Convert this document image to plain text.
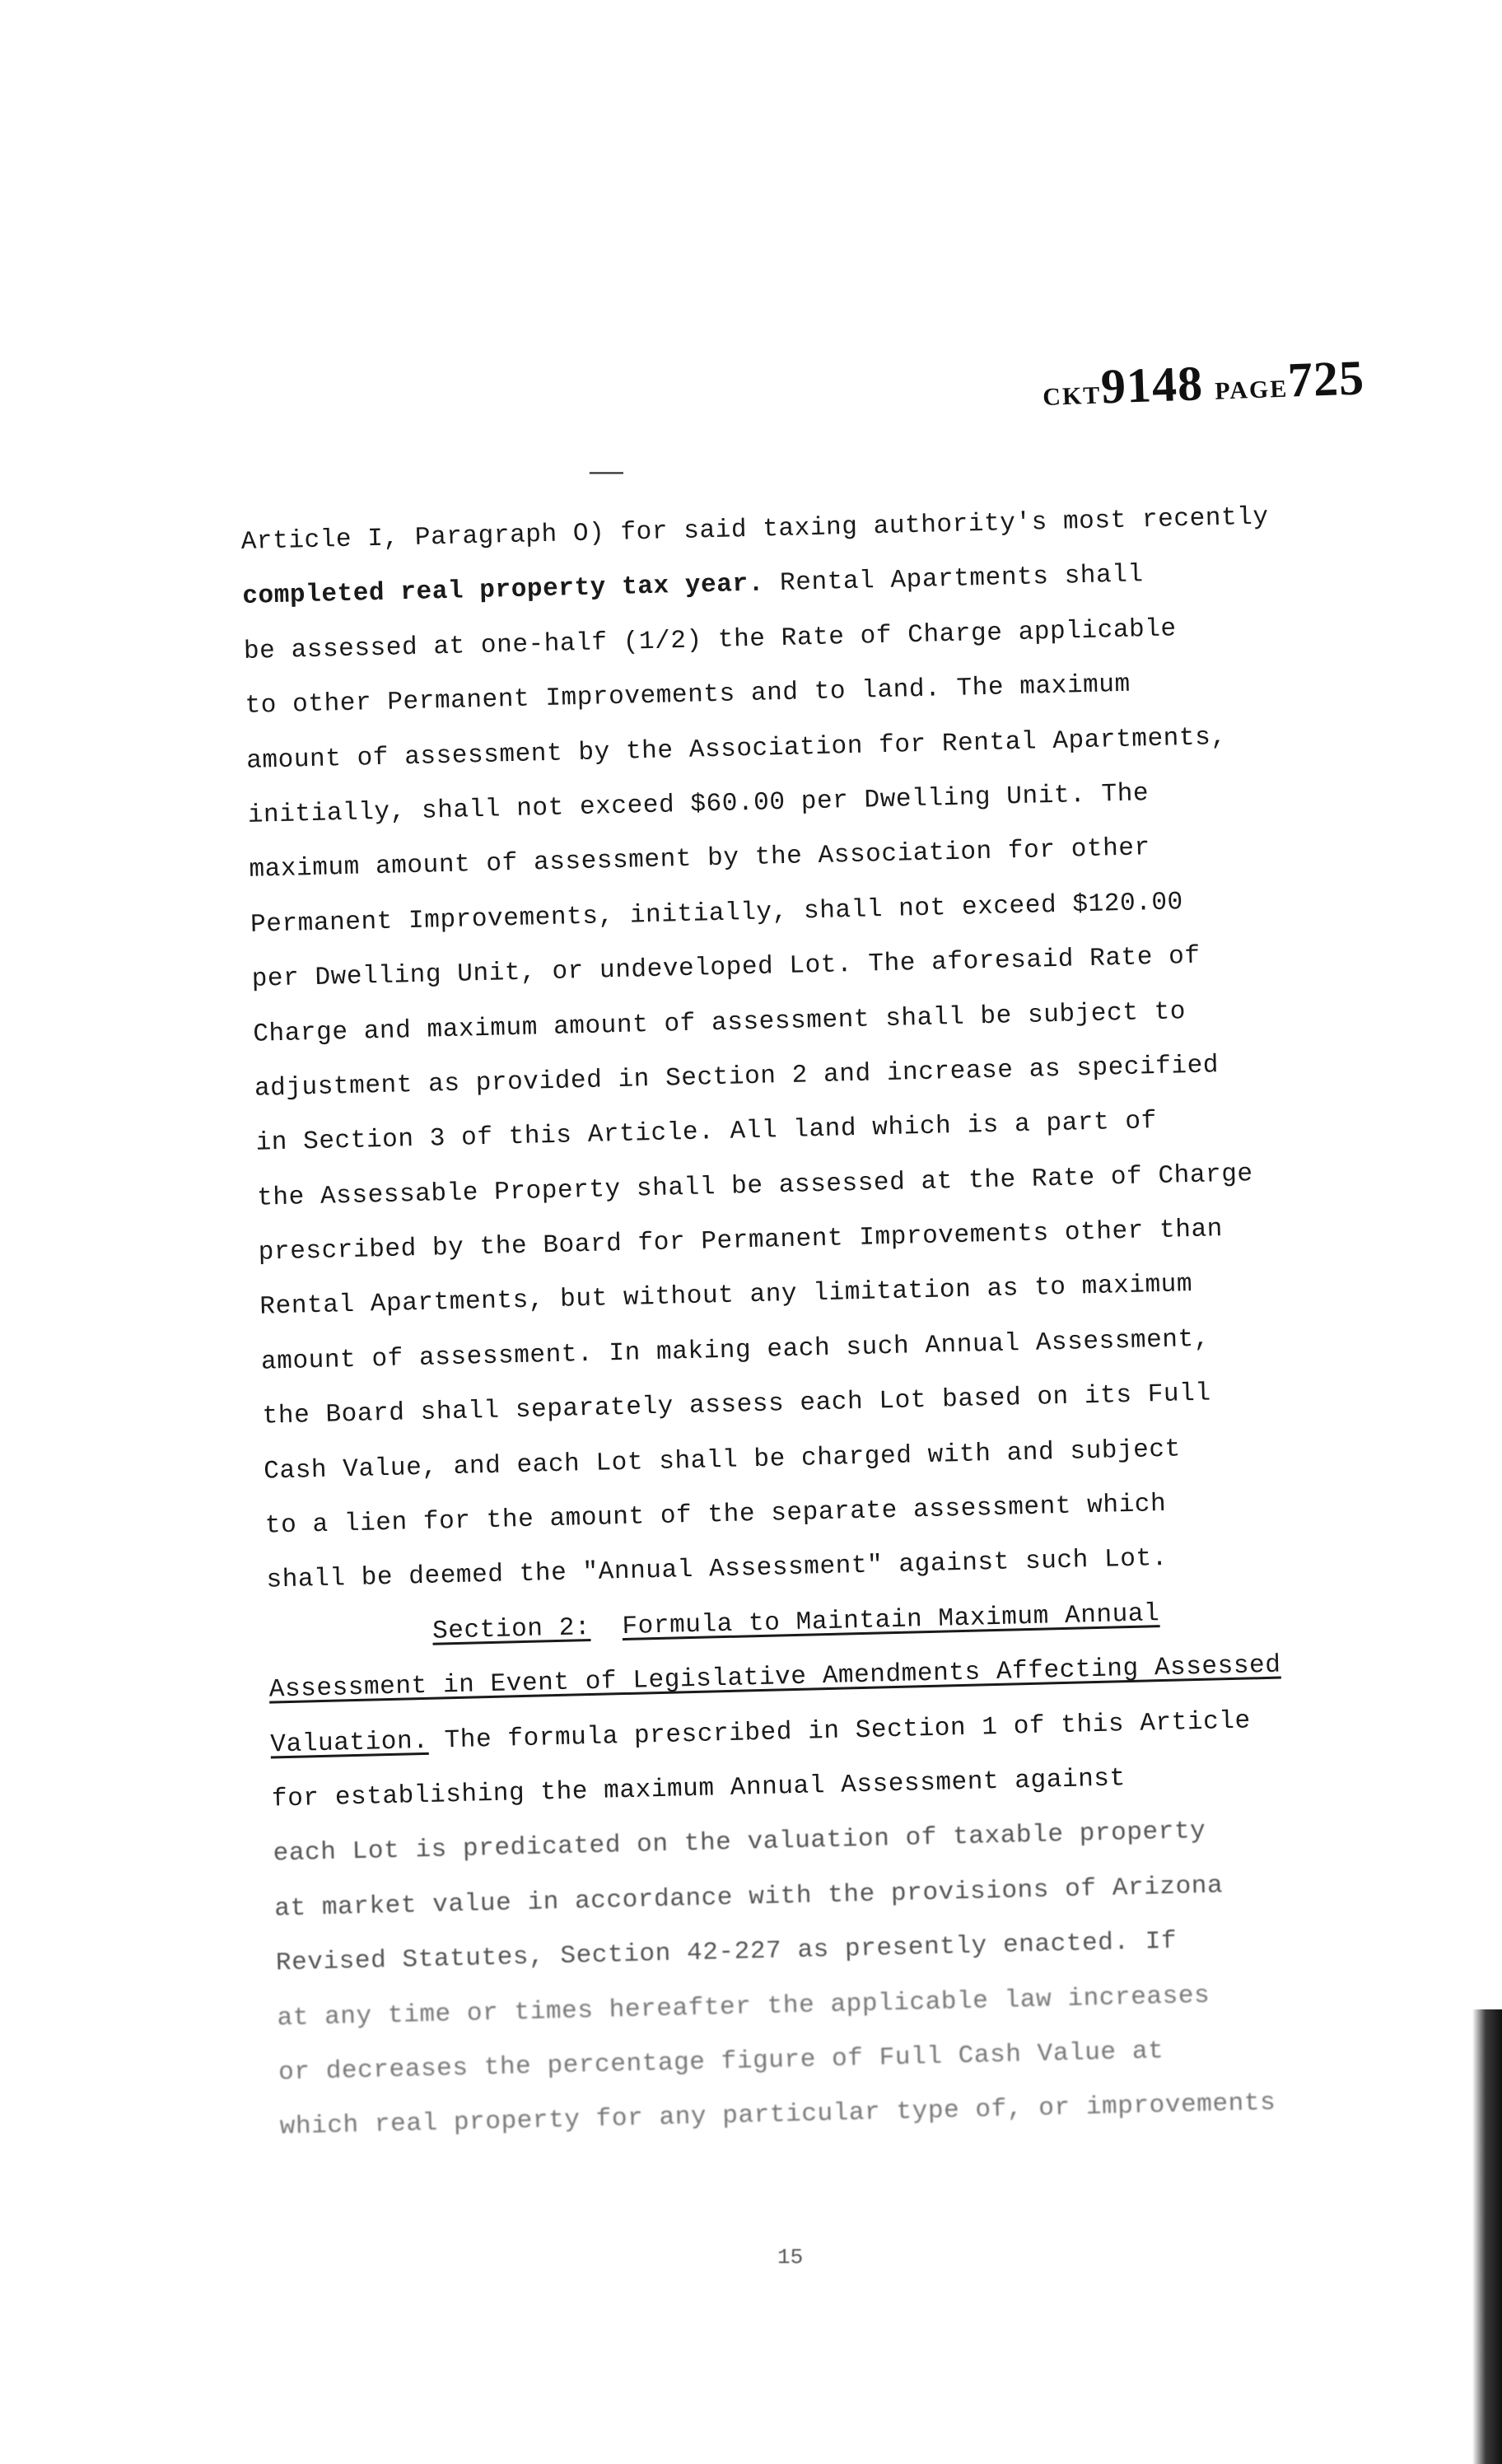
CKT9148 PAGE725
——
Article I, Paragraph O) for said taxing authority's most recently
completed real property tax year. Rental Apartments shall
be assessed at one-half (1/2) the Rate of Charge applicable
to other Permanent Improvements and to land. The maximum
amount of assessment by the Association for Rental Apartments,
initially, shall not exceed $60.00 per Dwelling Unit. The
maximum amount of assessment by the Association for other
Permanent Improvements, initially, shall not exceed $120.00
per Dwelling Unit, or undeveloped Lot. The aforesaid Rate of
Charge and maximum amount of assessment shall be subject to
adjustment as provided in Section 2 and increase as specified
in Section 3 of this Article. All land which is a part of
the Assessable Property shall be assessed at the Rate of Charge
prescribed by the Board for Permanent Improvements other than
Rental Apartments, but without any limitation as to maximum
amount of assessment. In making each such Annual Assessment,
the Board shall separately assess each Lot based on its Full
Cash Value, and each Lot shall be charged with and subject
to a lien for the amount of the separate assessment which
shall be deemed the "Annual Assessment" against such Lot.
Section 2: Formula to Maintain Maximum Annual
Assessment in Event of Legislative Amendments Affecting Assessed
Valuation. The formula prescribed in Section 1 of this Article
for establishing the maximum Annual Assessment against
each Lot is predicated on the valuation of taxable property
at market value in accordance with the provisions of Arizona
Revised Statutes, Section 42-227 as presently enacted. If
at any time or times hereafter the applicable law increases
or decreases the percentage figure of Full Cash Value at
which real property for any particular type of, or improvements
15
